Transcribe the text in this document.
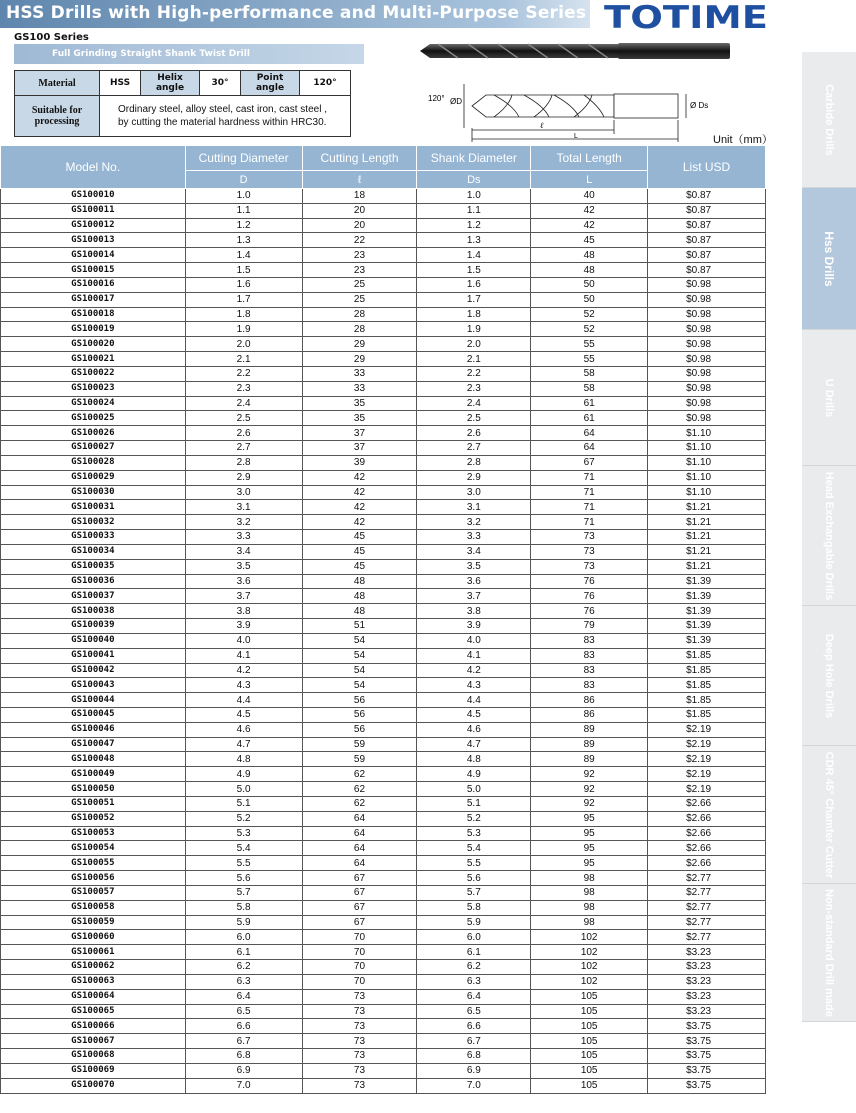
HSS Drills with High-performance and Multi-Purpose Series TOTIME
GS100 Series
Full Grinding Straight Shank Twist Drill
Material	HSS	Helix angle	30°	Point angle	120°
Suitable for processing	Ordinary steel, alloy steel, cast iron, cast steel ,
by cutting the material hardness within HRC30.				
120° ØD	Ø Ds
ℓ
L	Unit（mm）
Model No.	Cutting Diameter	Cutting Length	Shank Diameter	Total Length	List USD
	D	ℓ	Ds	L	
GS100010	1.0	18	1.0	40	$0.87
GS100011	1.1	20	1.1	42	$0.87
GS100012	1.2	20	1.2	42	$0.87
GS100013	1.3	22	1.3	45	$0.87
GS100014	1.4	23	1.4	48	$0.87
GS100015	1.5	23	1.5	48	$0.87
GS100016	1.6	25	1.6	50	$0.98
GS100017	1.7	25	1.7	50	$0.98
GS100018	1.8	28	1.8	52	$0.98
GS100019	1.9	28	1.9	52	$0.98
GS100020	2.0	29	2.0	55	$0.98
GS100021	2.1	29	2.1	55	$0.98
GS100022	2.2	33	2.2	58	$0.98
GS100023	2.3	33	2.3	58	$0.98
GS100024	2.4	35	2.4	61	$0.98
GS100025	2.5	35	2.5	61	$0.98
GS100026	2.6	37	2.6	64	$1.10
GS100027	2.7	37	2.7	64	$1.10
GS100028	2.8	39	2.8	67	$1.10
GS100029	2.9	42	2.9	71	$1.10
GS100030	3.0	42	3.0	71	$1.10
GS100031	3.1	42	3.1	71	$1.21
GS100032	3.2	42	3.2	71	$1.21
GS100033	3.3	45	3.3	73	$1.21
GS100034	3.4	45	3.4	73	$1.21
GS100035	3.5	45	3.5	73	$1.21
GS100036	3.6	48	3.6	76	$1.39
GS100037	3.7	48	3.7	76	$1.39
GS100038	3.8	48	3.8	76	$1.39
GS100039	3.9	51	3.9	79	$1.39
GS100040	4.0	54	4.0	83	$1.39
GS100041	4.1	54	4.1	83	$1.85
GS100042	4.2	54	4.2	83	$1.85
GS100043	4.3	54	4.3	83	$1.85
GS100044	4.4	56	4.4	86	$1.85
GS100045	4.5	56	4.5	86	$1.85
GS100046	4.6	56	4.6	89	$2.19
GS100047	4.7	59	4.7	89	$2.19
GS100048	4.8	59	4.8	89	$2.19
GS100049	4.9	62	4.9	92	$2.19
GS100050	5.0	62	5.0	92	$2.19
GS100051	5.1	62	5.1	92	$2.66
GS100052	5.2	64	5.2	95	$2.66
GS100053	5.3	64	5.3	95	$2.66
GS100054	5.4	64	5.4	95	$2.66
GS100055	5.5	64	5.5	95	$2.66
GS100056	5.6	67	5.6	98	$2.77
GS100057	5.7	67	5.7	98	$2.77
GS100058	5.8	67	5.8	98	$2.77
GS100059	5.9	67	5.9	98	$2.77
GS100060	6.0	70	6.0	102	$2.77
GS100061	6.1	70	6.1	102	$3.23
GS100062	6.2	70	6.2	102	$3.23
GS100063	6.3	70	6.3	102	$3.23
GS100064	6.4	73	6.4	105	$3.23
GS100065	6.5	73	6.5	105	$3.23
GS100066	6.6	73	6.6	105	$3.75
GS100067	6.7	73	6.7	105	$3.75
GS100068	6.8	73	6.8	105	$3.75
GS100069	6.9	73	6.9	105	$3.75
GS100070	7.0	73	7.0	105	$3.75
Carbide Drills
Hss Drills
U Drills
Head Exchangable Drills
Deep Hole Drills
CDR 45° Chamfer Cutter
Non-standard Drill made
